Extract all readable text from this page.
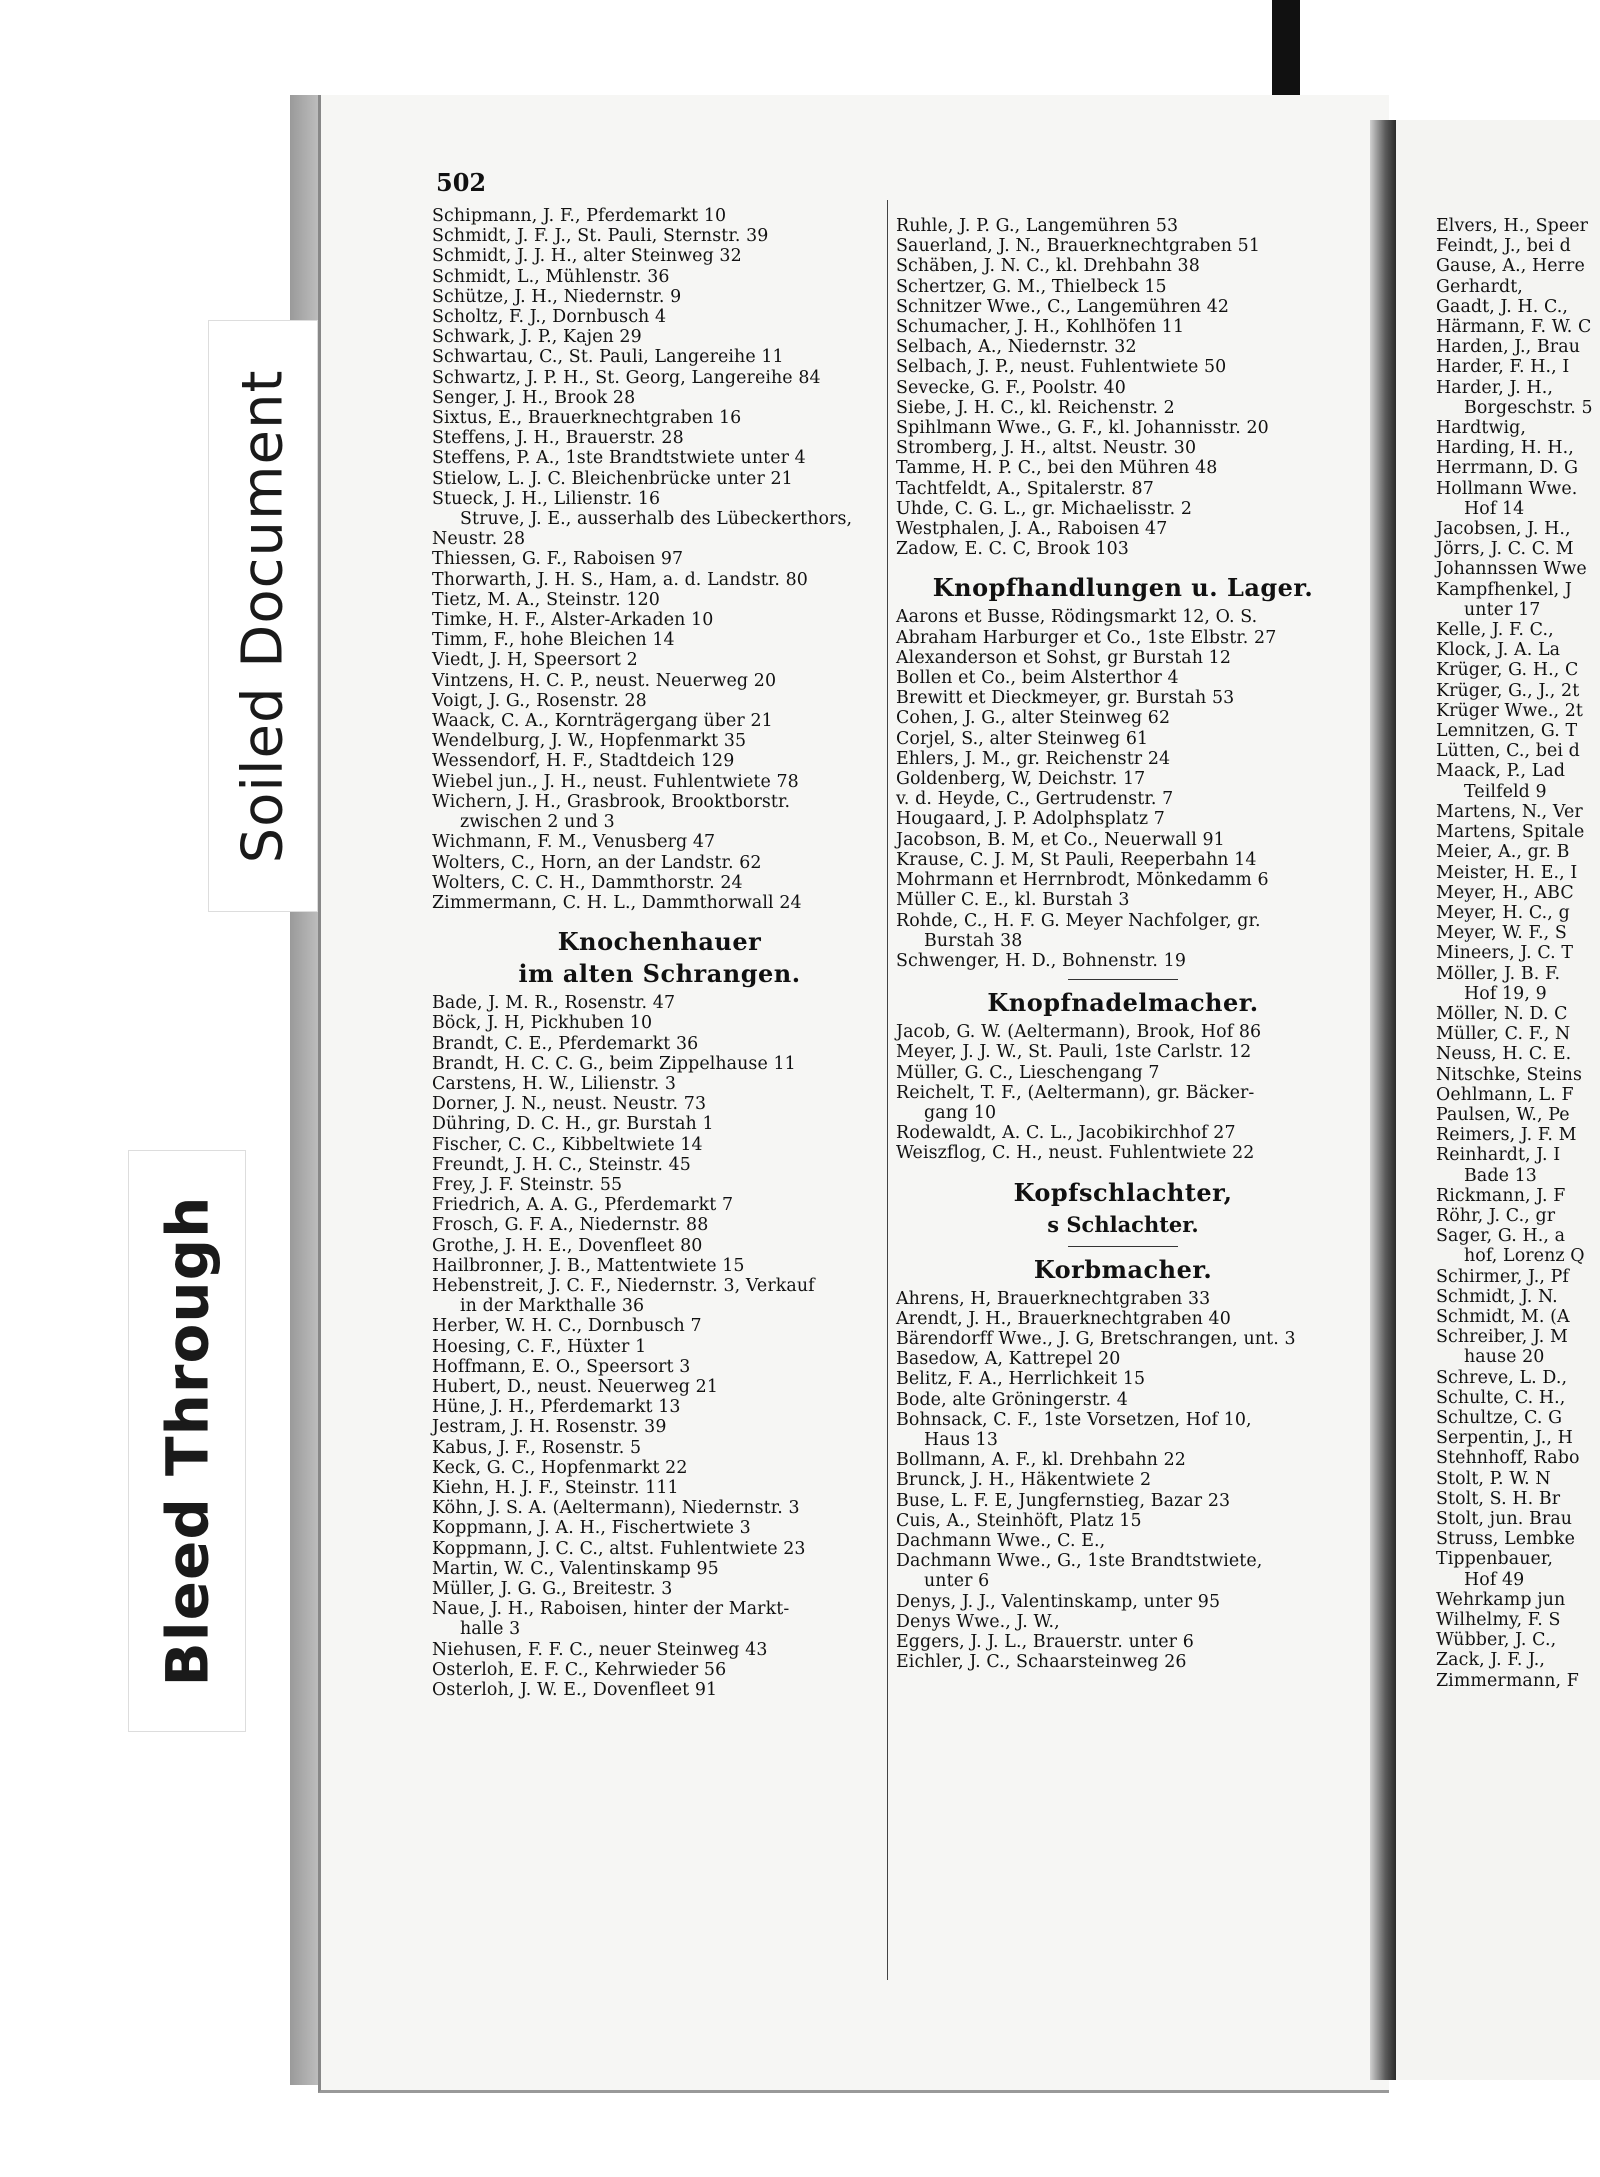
Soiled Document
Bleed Through
502
Schipmann, J. F., Pferdemarkt 10
Schmidt, J. F. J., St. Pauli, Sternstr. 39
Schmidt, J. J. H., alter Steinweg 32
Schmidt, L., Mühlenstr. 36
Schütze, J. H., Niedernstr. 9
Scholtz, F. J., Dornbusch 4
Schwark, J. P., Kajen 29
Schwartau, C., St. Pauli, Langereihe 11
Schwartz, J. P. H., St. Georg, Langereihe 84
Senger, J. H., Brook 28
Sixtus, E., Brauerknechtgraben 16
Steffens, J. H., Brauerstr. 28
Steffens, P. A., 1ste Brandtstwiete unter 4
Stielow, L. J. C. Bleichenbrücke unter 21
Stueck, J. H., Lilienstr. 16
Struve, J. E., ausserhalb des Lübeckerthors,
Neustr. 28
Thiessen, G. F., Raboisen 97
Thorwarth, J. H. S., Ham, a. d. Landstr. 80
Tietz, M. A., Steinstr. 120
Timke, H. F., Alster-Arkaden 10
Timm, F., hohe Bleichen 14
Viedt, J. H, Speersort 2
Vintzens, H. C. P., neust. Neuerweg 20
Voigt, J. G., Rosenstr. 28
Waack, C. A., Kornträgergang über 21
Wendelburg, J. W., Hopfenmarkt 35
Wessendorf, H. F., Stadtdeich 129
Wiebel jun., J. H., neust. Fuhlentwiete 78
Wichern, J. H., Grasbrook, Brooktborstr.
zwischen 2 und 3
Wichmann, F. M., Venusberg 47
Wolters, C., Horn, an der Landstr. 62
Wolters, C. C. H., Dammthorstr. 24
Zimmermann, C. H. L., Dammthorwall 24
Knochenhauer
im alten Schrangen.
Bade, J. M. R., Rosenstr. 47
Böck, J. H, Pickhuben 10
Brandt, C. E., Pferdemarkt 36
Brandt, H. C. C. G., beim Zippelhause 11
Carstens, H. W., Lilienstr. 3
Dorner, J. N., neust. Neustr. 73
Dühring, D. C. H., gr. Burstah 1
Fischer, C. C., Kibbeltwiete 14
Freundt, J. H. C., Steinstr. 45
Frey, J. F. Steinstr. 55
Friedrich, A. A. G., Pferdemarkt 7
Frosch, G. F. A., Niedernstr. 88
Grothe, J. H. E., Dovenfleet 80
Hailbronner, J. B., Mattentwiete 15
Hebenstreit, J. C. F., Niedernstr. 3, Verkauf
in der Markthalle 36
Herber, W. H. C., Dornbusch 7
Hoesing, C. F., Hüxter 1
Hoffmann, E. O., Speersort 3
Hubert, D., neust. Neuerweg 21
Hüne, J. H., Pferdemarkt 13
Jestram, J. H. Rosenstr. 39
Kabus, J. F., Rosenstr. 5
Keck, G. C., Hopfenmarkt 22
Kiehn, H. J. F., Steinstr. 111
Köhn, J. S. A. (Aeltermann), Niedernstr. 3
Koppmann, J. A. H., Fischertwiete 3
Koppmann, J. C. C., altst. Fuhlentwiete 23
Martin, W. C., Valentinskamp 95
Müller, J. G. G., Breitestr. 3
Naue, J. H., Raboisen, hinter der Markt-
halle 3
Niehusen, F. F. C., neuer Steinweg 43
Osterloh, E. F. C., Kehrwieder 56
Osterloh, J. W. E., Dovenfleet 91
Ruhle, J. P. G., Langemühren 53
Sauerland, J. N., Brauerknechtgraben 51
Schäben, J. N. C., kl. Drehbahn 38
Schertzer, G. M., Thielbeck 15
Schnitzer Wwe., C., Langemühren 42
Schumacher, J. H., Kohlhöfen 11
Selbach, A., Niedernstr. 32
Selbach, J. P., neust. Fuhlentwiete 50
Sevecke, G. F., Poolstr. 40
Siebe, J. H. C., kl. Reichenstr. 2
Spihlmann Wwe., G. F., kl. Johannisstr. 20
Stromberg, J. H., altst. Neustr. 30
Tamme, H. P. C., bei den Mühren 48
Tachtfeldt, A., Spitalerstr. 87
Uhde, C. G. L., gr. Michaelisstr. 2
Westphalen, J. A., Raboisen 47
Zadow, E. C. C, Brook 103
Knopfhandlungen u. Lager.
Aarons et Busse, Rödingsmarkt 12, O. S.
Abraham Harburger et Co., 1ste Elbstr. 27
Alexanderson et Sohst, gr Burstah 12
Bollen et Co., beim Alsterthor 4
Brewitt et Dieckmeyer, gr. Burstah 53
Cohen, J. G., alter Steinweg 62
Corjel, S., alter Steinweg 61
Ehlers, J. M., gr. Reichenstr 24
Goldenberg, W, Deichstr. 17
v. d. Heyde, C., Gertrudenstr. 7
Hougaard, J. P. Adolphsplatz 7
Jacobson, B. M, et Co., Neuerwall 91
Krause, C. J. M, St Pauli, Reeperbahn 14
Mohrmann et Herrnbrodt, Mönkedamm 6
Müller C. E., kl. Burstah 3
Rohde, C., H. F. G. Meyer Nachfolger, gr.
Burstah 38
Schwenger, H. D., Bohnenstr. 19
Knopfnadelmacher.
Jacob, G. W. (Aeltermann), Brook, Hof 86
Meyer, J. J. W., St. Pauli, 1ste Carlstr. 12
Müller, G. C., Lieschengang 7
Reichelt, T. F., (Aeltermann), gr. Bäcker-
gang 10
Rodewaldt, A. C. L., Jacobikirchhof 27
Weiszflog, C. H., neust. Fuhlentwiete 22
Kopfschlachter,
s Schlachter.
Korbmacher.
Ahrens, H, Brauerknechtgraben 33
Arendt, J. H., Brauerknechtgraben 40
Bärendorff Wwe., J. G, Bretschrangen, unt. 3
Basedow, A, Kattrepel 20
Belitz, F. A., Herrlichkeit 15
Bode, alte Gröningerstr. 4
Bohnsack, C. F., 1ste Vorsetzen, Hof 10,
Haus 13
Bollmann, A. F., kl. Drehbahn 22
Brunck, J. H., Häkentwiete 2
Buse, L. F. E, Jungfernstieg, Bazar 23
Cuis, A., Steinhöft, Platz 15
Dachmann Wwe., C. E.,
Dachmann Wwe., G., 1ste Brandtstwiete,
unter 6
Denys, J. J., Valentinskamp, unter 95
Denys Wwe., J. W.,
Eggers, J. J. L., Brauerstr. unter 6
Eichler, J. C., Schaarsteinweg 26
Elvers, H., Speer
Feindt, J., bei d
Gause, A., Herre
Gerhardt,
Gaadt, J. H. C.,
Härmann, F. W. C
Harden, J., Brau
Harder, F. H., I
Harder, J. H.,
Borgeschstr. 5
Hardtwig,
Harding, H. H.,
Herrmann, D. G
Hollmann Wwe.
Hof 14
Jacobsen, J. H.,
Jörrs, J. C. C. M
Johannssen Wwe
Kampfhenkel, J
unter 17
Kelle, J. F. C.,
Klock, J. A. La
Krüger, G. H., C
Krüger, G., J., 2t
Krüger Wwe., 2t
Lemnitzen, G. T
Lütten, C., bei d
Maack, P., Lad
Teilfeld 9
Martens, N., Ver
Martens, Spitale
Meier, A., gr. B
Meister, H. E., I
Meyer, H., ABC
Meyer, H. C., g
Meyer, W. F., S
Mineers, J. C. T
Möller, J. B. F.
Hof 19, 9
Möller, N. D. C
Müller, C. F., N
Neuss, H. C. E.
Nitschke, Steins
Oehlmann, L. F
Paulsen, W., Pe
Reimers, J. F. M
Reinhardt, J. I
Bade 13
Rickmann, J. F
Röhr, J. C., gr
Sager, G. H., a
hof, Lorenz Q
Schirmer, J., Pf
Schmidt, J. N.
Schmidt, M. (A
Schreiber, J. M
hause 20
Schreve, L. D.,
Schulte, C. H.,
Schultze, C. G
Serpentin, J., H
Stehnhoff, Rabo
Stolt, P. W. N
Stolt, S. H. Br
Stolt, jun. Brau
Struss, Lembke
Tippenbauer,
Hof 49
Wehrkamp jun
Wilhelmy, F. S
Wübber, J. C.,
Zack, J. F. J.,
Zimmermann, F
